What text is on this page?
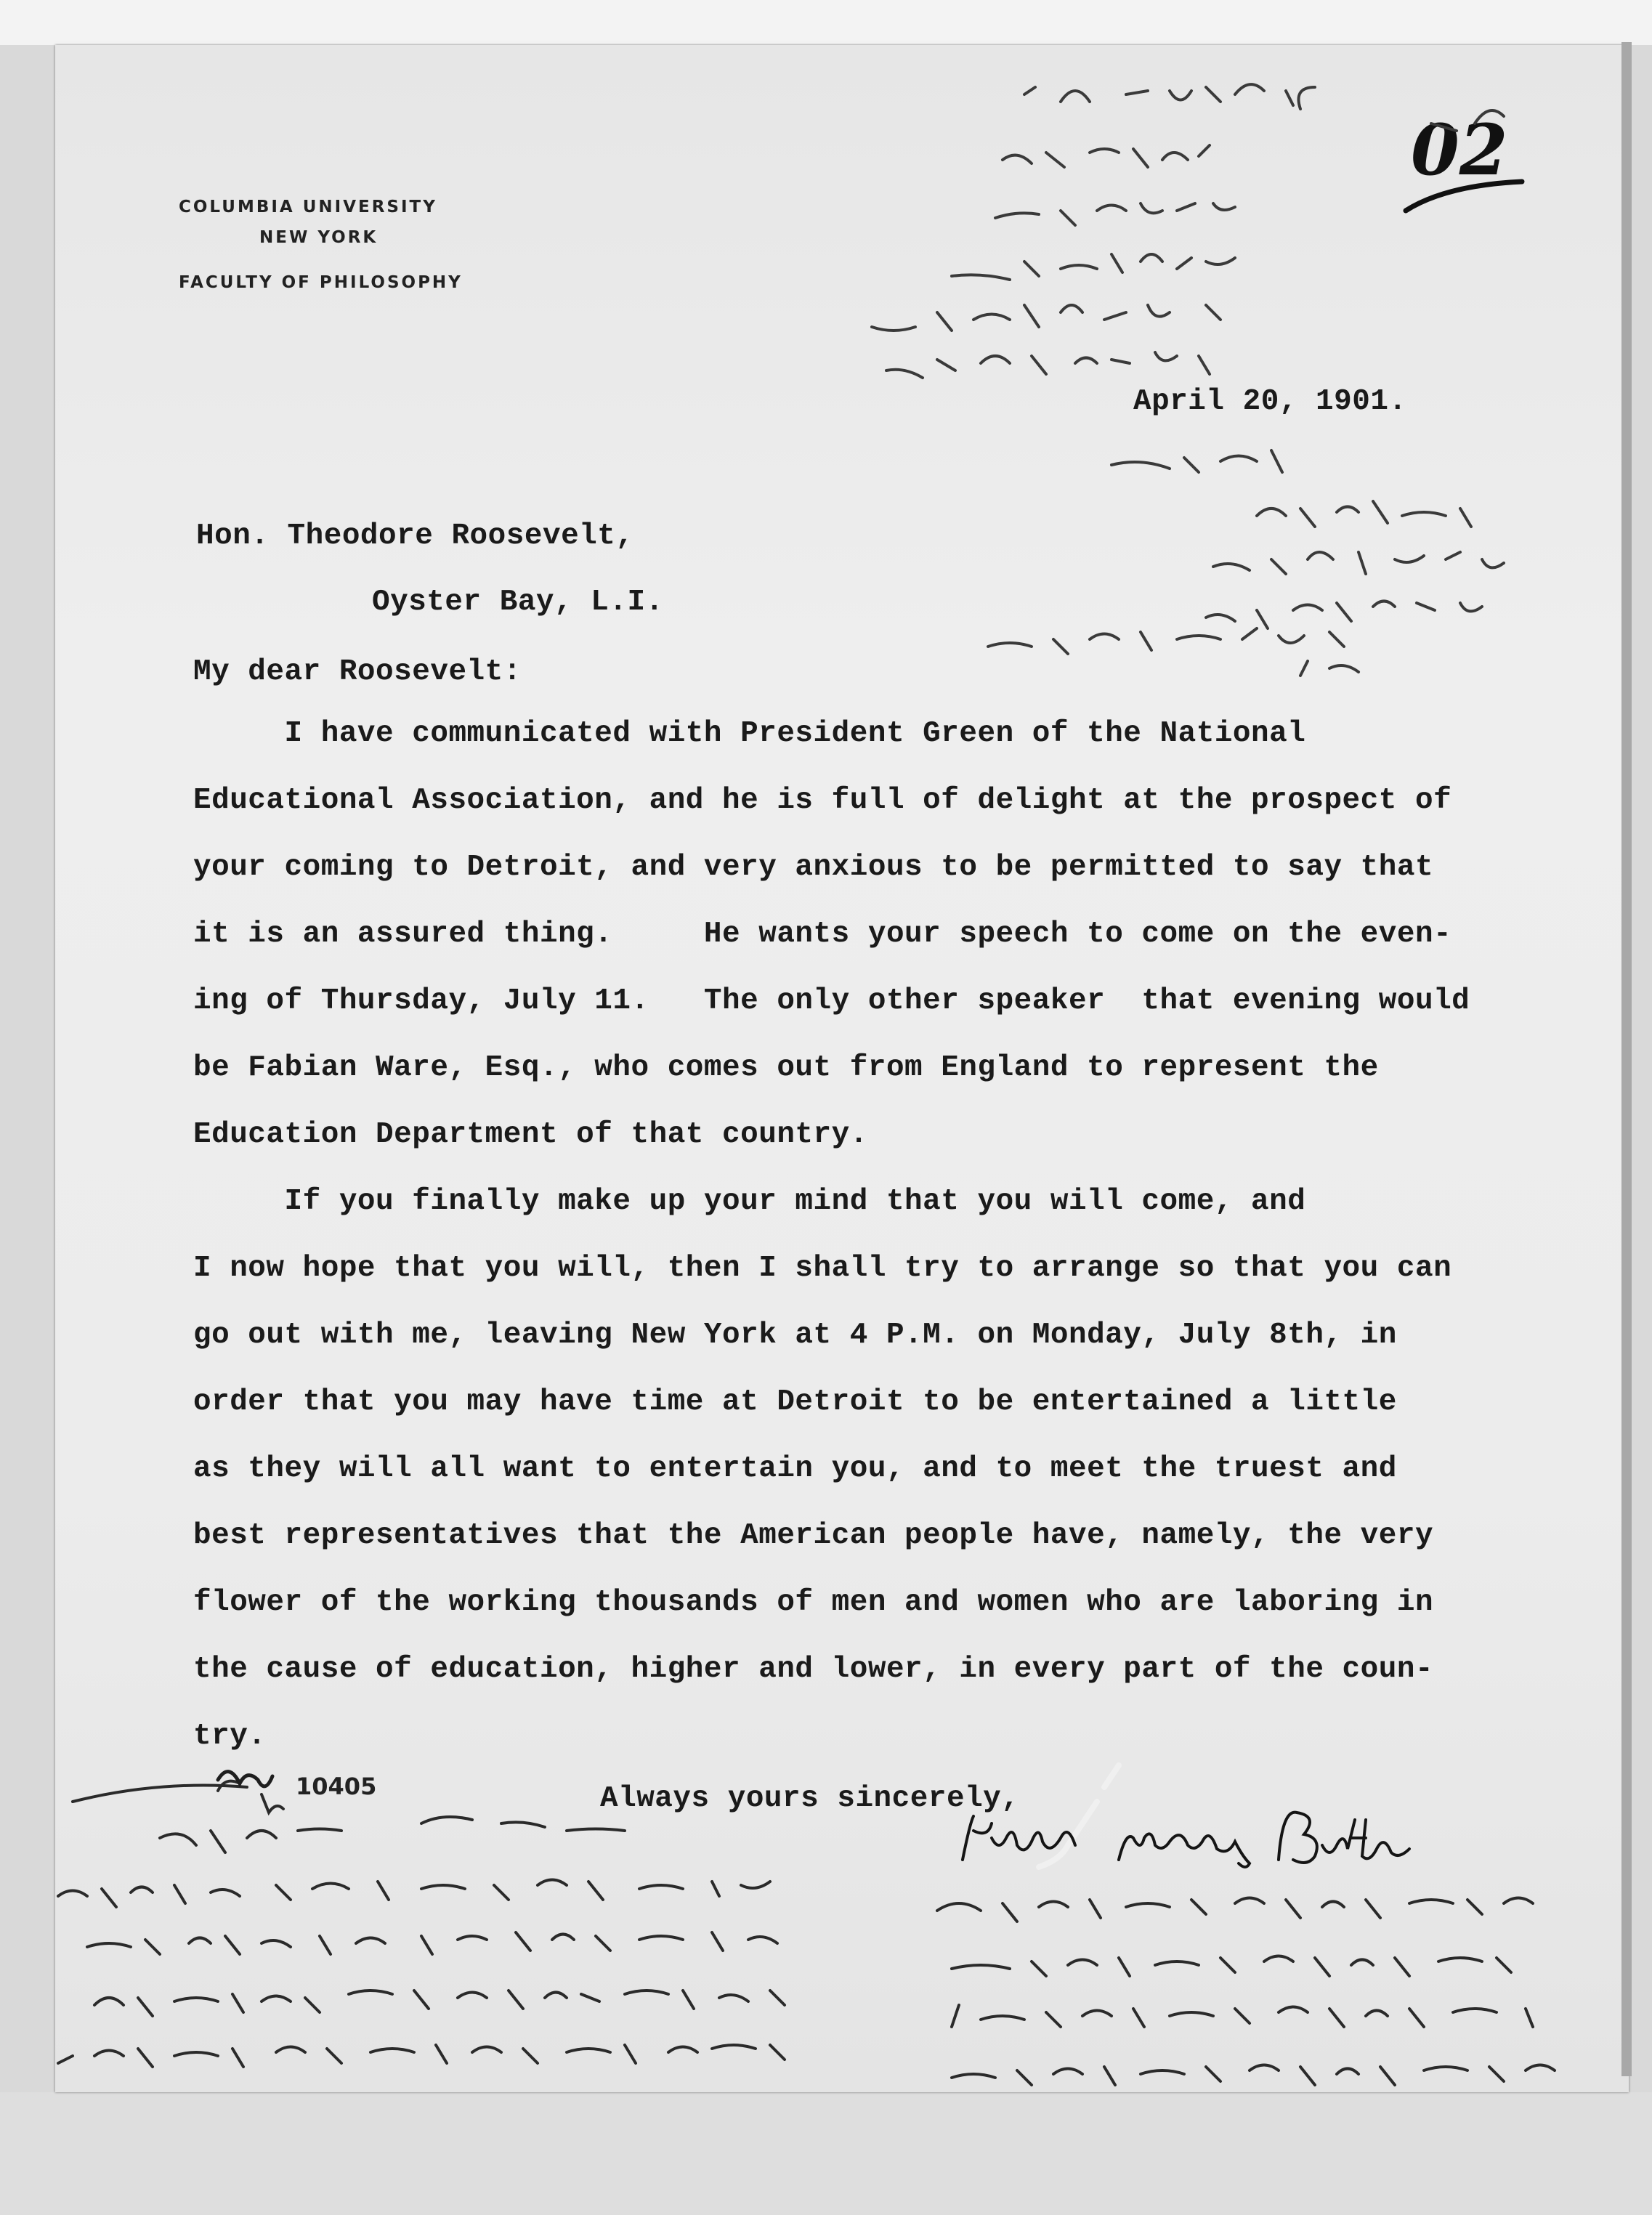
COLUMBIA UNIVERSITY
NEW YORK
FACULTY OF PHILOSOPHY
02
April 20, 1901.
Hon. Theodore Roosevelt,
Oyster Bay, L.I.
My dear Roosevelt:
I have communicated with President Green of the National
Educational Association, and he is full of delight at the prospect of
your coming to Detroit, and very anxious to be permitted to say that
it is an assured thing.     He wants your speech to come on the even-
ing of Thursday, July 11.   The only other speaker  that evening would
be Fabian Ware, Esq., who comes out from England to represent the
Education Department of that country.
If you finally make up your mind that you will come, and
I now hope that you will, then I shall try to arrange so that you can
go out with me, leaving New York at 4 P.M. on Monday, July 8th, in
order that you may have time at Detroit to be entertained a little
as they will all want to entertain you, and to meet the truest and
best representatives that the American people have, namely, the very
flower of the working thousands of men and women who are laboring in
the cause of education, higher and lower, in every part of the coun-
try.
Always yours sincerely,
10405
